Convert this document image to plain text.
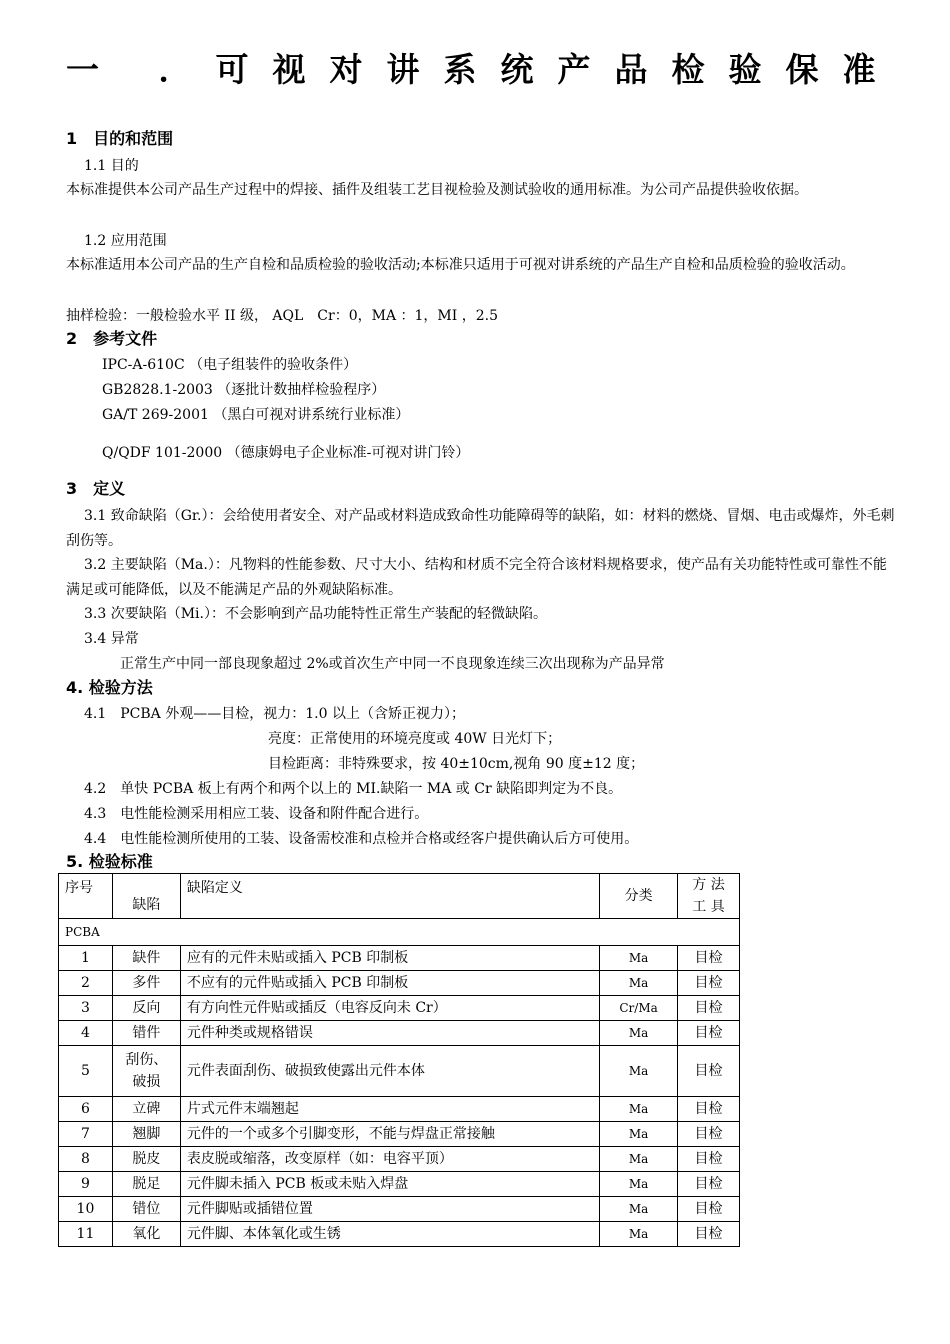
一 ．可视对讲系统产品检验保准
1　目的和范围
1.1 目的
本标准提供本公司产品生产过程中的焊接、插件及组装工艺目视检验及测试验收的通用标准。为公司产品提供验收依据。
1.2 应用范围
本标准适用本公司产品的生产自检和品质检验的验收活动;本标准只适用于可视对讲系统的产品生产自检和品质检验的验收活动。
抽样检验：一般检验水平 II 级， AQL　Cr：0，MA ：1，MI ，2.5
2　参考文件
IPC-A-610C （电子组装件的验收条件）
GB2828.1-2003 （逐批计数抽样检验程序）
GA/T 269-2001 （黑白可视对讲系统行业标准）
Q/QDF 101-2000 （德康姆电子企业标准-可视对讲门铃）
3　定义
3.1 致命缺陷（Gr.）：会给使用者安全、对产品或材料造成致命性功能障碍等的缺陷，如：材料的燃烧、冒烟、电击或爆炸，外毛刺刮伤等。
3.2 主要缺陷（Ma.）：凡物料的性能参数、尺寸大小、结构和材质不完全符合该材料规格要求，使产品有关功能特性或可靠性不能满足或可能降低，以及不能满足产品的外观缺陷标准。
3.3 次要缺陷（Mi.）：不会影响到产品功能特性正常生产装配的轻微缺陷。
3.4 异常
正常生产中同一部良现象超过 2%或首次生产中同一不良现象连续三次出现称为产品异常
4. 检验方法
4.1　PCBA 外观——目检，视力：1.0 以上（含矫正视力）；
亮度：正常使用的环境亮度或 40W 日光灯下；
目检距离：非特殊要求，按 40±10cm,视角 90 度±12 度；
4.2　单快 PCBA 板上有两个和两个以上的 MI.缺陷一 MA 或 Cr 缺陷即判定为不良。
4.3　电性能检测采用相应工装、设备和附件配合进行。
4.4　电性能检测所使用的工装、设备需校准和点检并合格或经客户提供确认后方可使用。
5. 检验标准
序号	缺陷	缺陷定义	分类	方 法
工 具

PCBA				
1	缺件	应有的元件未贴或插入 PCB 印制板	Ma	目检
2	多件	不应有的元件贴或插入 PCB 印制板	Ma	目检
3	反向	有方向性元件贴或插反（电容反向未 Cr）	Cr/Ma	目检
4	错件	元件种类或规格错误	Ma	目检
5	刮伤、
破损	元件表面刮伤、破损致使露出元件本体	Ma	目检
6	立碑	片式元件末端翘起	Ma	目检
7	翘脚	元件的一个或多个引脚变形，不能与焊盘正常接触	Ma	目检
8	脱皮	表皮脱或缩落，改变原样（如：电容平顶）	Ma	目检
9	脱足	元件脚未插入 PCB 板或未贴入焊盘	Ma	目检
10	错位	元件脚贴或插错位置	Ma	目检
11	氧化	元件脚、本体氧化或生锈	Ma	目检
